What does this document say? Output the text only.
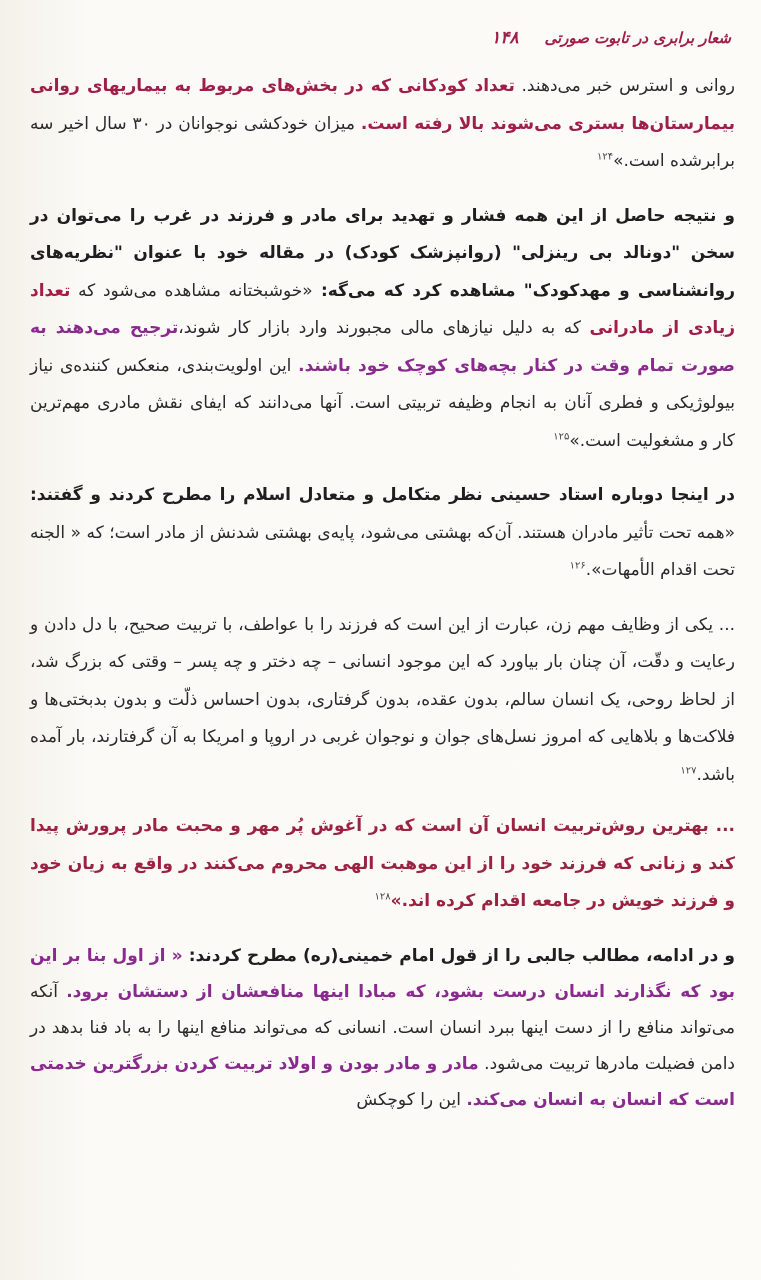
شعار برابری در تابوت صورتی
۱۴۸

روانی و استرس خبر می‌دهند. تعداد کودکانی که در بخش‌های مربوط به بیماریهای روانی بیمارستان‌ها بستری می‌شوند بالا رفته است. میزان خودکشی نوجوانان در ۳۰ سال اخیر سه برابرشده است.»$^{۱۲۴}$

و نتیجه حاصل از این همه فشار و تهدید برای مادر و فرزند در غرب را می‌توان در سخن "دونالد بی رینزلی" (روانپزشک کودک) در مقاله خود با عنوان "نظریه‌های روانشناسی و مهدکودک" مشاهده کرد که می‌گه: «خوشبختانه مشاهده می‌شود که تعداد زیادی از مادرانی که به دلیل نیازهای مالی مجبورند وارد بازار کار شوند،ترجیح می‌دهند به صورت تمام وقت در کنار بچه‌های کوچک خود باشند. این اولویت‌بندی، منعکس کننده‌ی نیاز بیولوژیکی و فطری آنان به انجام وظیفه تربیتی است. آنها می‌دانند که ایفای نقش مادری مهم‌ترین کار و مشغولیت است.»$^{۱۲۵}$

در اینجا دوباره استاد حسینی نظر متکامل و متعادل اسلام را مطرح کردند و گفتند: «همه تحت تأثیر مادران هستند. آن‌که بهشتی می‌شود، پایه‌ی بهشتی شدنش از مادر است؛ که « الجنه تحت اقدام الأمهات».$^{۱۲۶}$

... یکی از وظایف مهم زن، عبارت از این است که فرزند را با عواطف، با تربیت صحیح، با دل دادن و رعایت و دقّت، آن چنان بار بیاورد که این موجود انسانی – چه دختر و چه پسر – وقتی که بزرگ شد، از لحاظ روحی، یک انسان سالم، بدون عقده، بدون گرفتاری، بدون احساس ذلّت و بدون بدبختی‌ها و فلاکت‌ها و بلاهایی که امروز نسل‌های جوان و نوجوان غربی در اروپا و امریکا به آن گرفتارند، بار آمده باشد.$^{۱۲۷}$

... بهترین روش‌تربیت انسان آن است که در آغوش پُر مهر و محبت مادر پرورش پیدا کند و زنانی که فرزند خود را از این موهبت الهی محروم می‌کنند در واقع به زیان خود و فرزند خویش در جامعه اقدام کرده اند.»$^{۱۲۸}$

و در ادامه، مطالب جالبی را از قول امام خمینی(ره) مطرح کردند: « از اول بنا بر این بود که نگذارند انسان درست بشود، که مبادا اینها منافعشان از دستشان برود. آنکه می‌تواند منافع را از دست اینها ببرد انسان است. انسانی که می‌تواند منافع اینها را به باد فنا بدهد در دامن فضیلت مادرها تربیت می‌شود. مادر و مادر بودن و اولاد تربیت کردن بزرگترین خدمتی است که انسان به انسان می‌کند. این را کوچکش
